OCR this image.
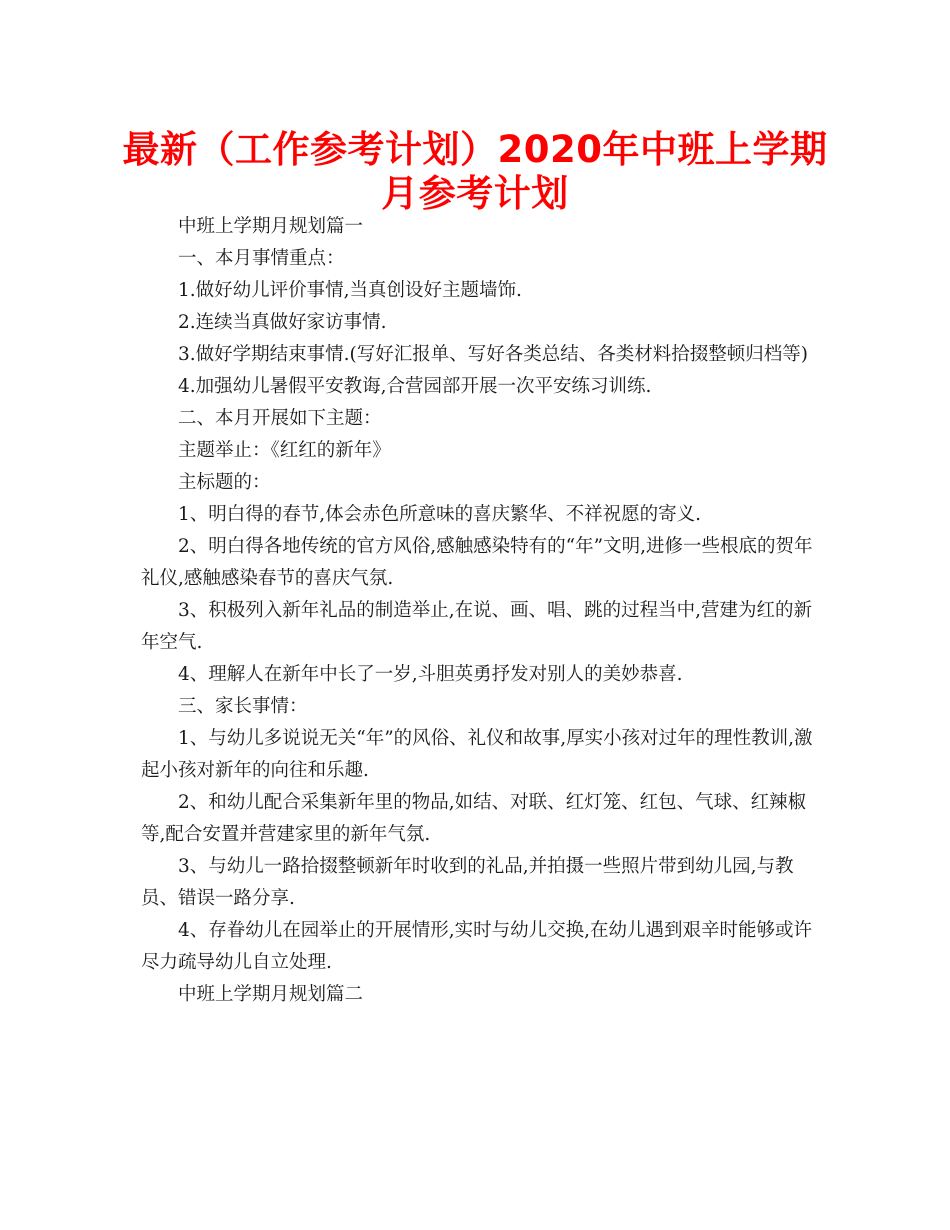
最新（工作参考计划）2020年中班上学期
月参考计划

中班上学期月规划篇一

一、本月事情重点：

1.做好幼儿评价事情,当真创设好主题墙饰.

2.连续当真做好家访事情.

3.做好学期结束事情.(写好汇报单、写好各类总结、各类材料拾掇整顿归档等)

4.加强幼儿暑假平安教诲,合营园部开展一次平安练习训练.

二、本月开展如下主题：

主题举止：《红红的新年》

主标题的：

1、明白得的春节,体会赤色所意味的喜庆繁华、不祥祝愿的寄义.

2、明白得各地传统的官方风俗,感触感染特有的“年”文明,进修一些根底的贺年礼仪,感触感染春节的喜庆气氛.

3、积极列入新年礼品的制造举止,在说、画、唱、跳的过程当中,营建为红的新年空气.

4、理解人在新年中长了一岁,斗胆英勇抒发对别人的美妙恭喜.

三、家长事情：

1、与幼儿多说说无关“年”的风俗、礼仪和故事,厚实小孩对过年的理性教训,激起小孩对新年的向往和乐趣.

2、和幼儿配合采集新年里的物品,如结、对联、红灯笼、红包、气球、红辣椒等,配合安置并营建家里的新年气氛.

3、与幼儿一路拾掇整顿新年时收到的礼品,并拍摄一些照片带到幼儿园,与教员、错误一路分享.

4、存眷幼儿在园举止的开展情形,实时与幼儿交换,在幼儿遇到艰辛时能够或许尽力疏导幼儿自立处理.

中班上学期月规划篇二
